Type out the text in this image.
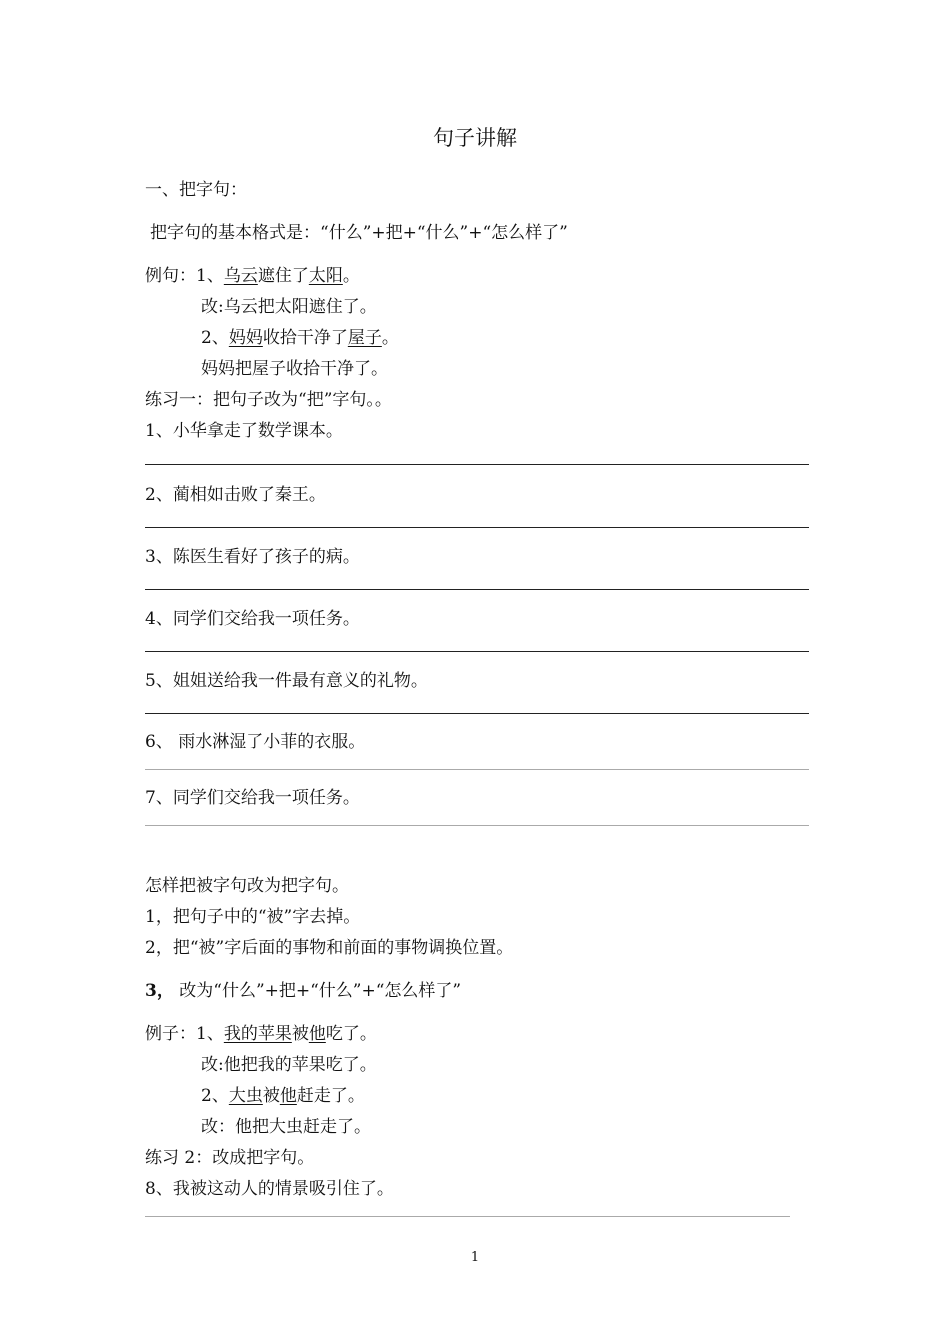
句子讲解
一、把字句：
把字句的基本格式是：“什么”+把+“什么”+“怎么样了”
例句：1、乌云遮住了太阳。
改:乌云把太阳遮住了。
2、妈妈收拾干净了屋子。
妈妈把屋子收拾干净了。
练习一：把句子改为“把”字句。。
1、小华拿走了数学课本。
2、蔺相如击败了秦王。
3、陈医生看好了孩子的病。
4、同学们交给我一项任务。
5、姐姐送给我一件最有意义的礼物。
6、 雨水淋湿了小菲的衣服。
7、同学们交给我一项任务。
怎样把被字句改为把字句。
1，把句子中的“被”字去掉。
2，把“被”字后面的事物和前面的事物调换位置。
3， 改为“什么”+把+“什么”+“怎么样了”
例子：1、我的苹果被他吃了。
改:他把我的苹果吃了。
2、大虫被他赶走了。
改：他把大虫赶走了。
练习 2：改成把字句。
8、我被这动人的情景吸引住了。
1
